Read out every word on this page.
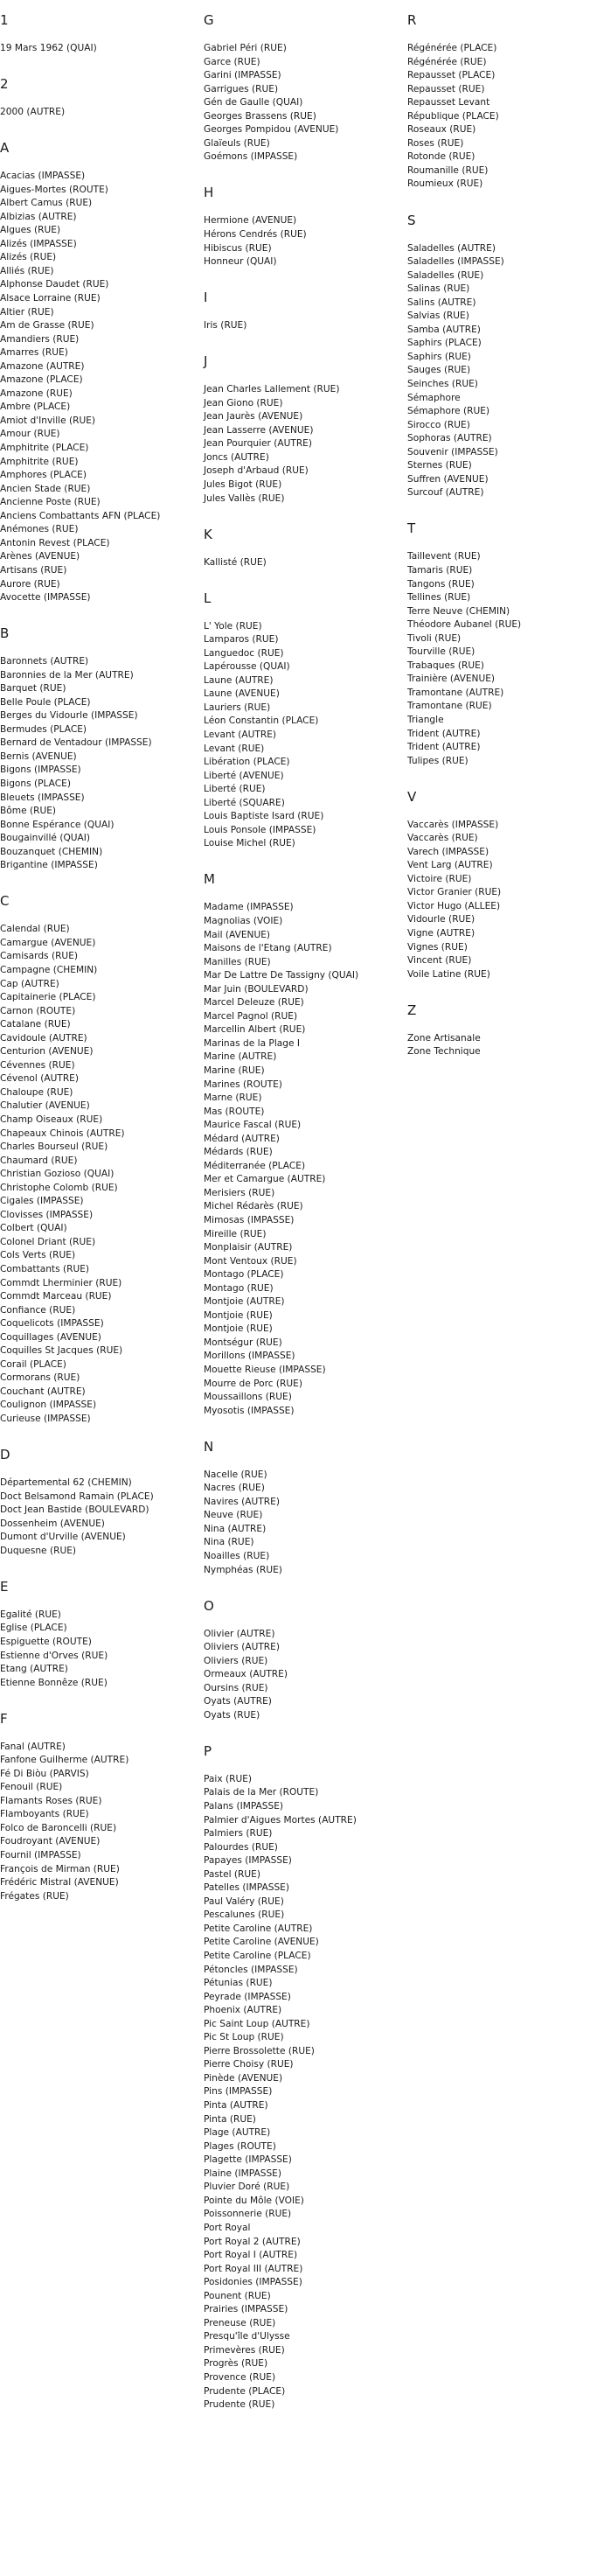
1
19 Mars 1962 (QUAI)
2
2000 (AUTRE)
A
Acacias (IMPASSE)
Aigues-Mortes (ROUTE)
Albert Camus (RUE)
Albizias (AUTRE)
Algues (RUE)
Alizés (IMPASSE)
Alizés (RUE)
Alliés (RUE)
Alphonse Daudet (RUE)
Alsace Lorraine (RUE)
Altier (RUE)
Am de Grasse (RUE)
Amandiers (RUE)
Amarres (RUE)
Amazone (AUTRE)
Amazone (PLACE)
Amazone (RUE)
Ambre (PLACE)
Amiot d'Inville (RUE)
Amour (RUE)
Amphitrite (PLACE)
Amphitrite (RUE)
Amphores (PLACE)
Ancien Stade (RUE)
Ancienne Poste (RUE)
Anciens Combattants AFN (PLACE)
Anémones (RUE)
Antonin Revest (PLACE)
Arènes (AVENUE)
Artisans (RUE)
Aurore (RUE)
Avocette (IMPASSE)
B
Baronnets (AUTRE)
Baronnies de la Mer (AUTRE)
Barquet (RUE)
Belle Poule (PLACE)
Berges du Vidourle (IMPASSE)
Bermudes (PLACE)
Bernard de Ventadour (IMPASSE)
Bernis (AVENUE)
Bigons (IMPASSE)
Bigons (PLACE)
Bleuets (IMPASSE)
Bôme (RUE)
Bonne Espérance (QUAI)
Bougainvillé (QUAI)
Bouzanquet (CHEMIN)
Brigantine (IMPASSE)
C
Calendal (RUE)
Camargue (AVENUE)
Camisards (RUE)
Campagne (CHEMIN)
Cap (AUTRE)
Capitainerie (PLACE)
Carnon (ROUTE)
Catalane (RUE)
Cavidoule (AUTRE)
Centurion (AVENUE)
Cévennes (RUE)
Cévenol (AUTRE)
Chaloupe (RUE)
Chalutier (AVENUE)
Champ Oiseaux (RUE)
Chapeaux Chinois (AUTRE)
Charles Bourseul (RUE)
Chaumard (RUE)
Christian Gozioso (QUAI)
Christophe Colomb (RUE)
Cigales (IMPASSE)
Clovisses (IMPASSE)
Colbert (QUAI)
Colonel Driant (RUE)
Cols Verts (RUE)
Combattants (RUE)
Commdt Lherminier (RUE)
Commdt Marceau (RUE)
Confiance (RUE)
Coquelicots (IMPASSE)
Coquillages (AVENUE)
Coquilles St Jacques (RUE)
Corail (PLACE)
Cormorans (RUE)
Couchant (AUTRE)
Coulignon (IMPASSE)
Curieuse (IMPASSE)
D
Départemental 62 (CHEMIN)
Doct Belsamond Ramain (PLACE)
Doct Jean Bastide (BOULEVARD)
Dossenheim (AVENUE)
Dumont d'Urville (AVENUE)
Duquesne (RUE)
E
Egalité (RUE)
Eglise (PLACE)
Espiguette (ROUTE)
Estienne d'Orves (RUE)
Etang (AUTRE)
Etienne Bonnêze (RUE)
F
Fanal (AUTRE)
Fanfone Guilherme (AUTRE)
Fé Di Biòu (PARVIS)
Fenouil (RUE)
Flamants Roses (RUE)
Flamboyants (RUE)
Folco de Baroncelli (RUE)
Foudroyant (AVENUE)
Fournil (IMPASSE)
François de Mirman (RUE)
Frédéric Mistral (AVENUE)
Frégates (RUE)
G
Gabriel Péri (RUE)
Garce (RUE)
Garini (IMPASSE)
Garrigues (RUE)
Gén de Gaulle (QUAI)
Georges Brassens (RUE)
Georges Pompidou (AVENUE)
Glaïeuls (RUE)
Goémons (IMPASSE)
H
Hermione (AVENUE)
Hérons Cendrés (RUE)
Hibiscus (RUE)
Honneur (QUAI)
I
Iris (RUE)
J
Jean Charles Lallement (RUE)
Jean Giono (RUE)
Jean Jaurès (AVENUE)
Jean Lasserre (AVENUE)
Jean Pourquier (AUTRE)
Joncs (AUTRE)
Joseph d'Arbaud (RUE)
Jules Bigot (RUE)
Jules Vallès (RUE)
K
Kallisté (RUE)
L
L' Yole (RUE)
Lamparos (RUE)
Languedoc (RUE)
Lapérousse (QUAI)
Laune (AUTRE)
Laune (AVENUE)
Lauriers (RUE)
Léon Constantin (PLACE)
Levant (AUTRE)
Levant (RUE)
Libération (PLACE)
Liberté (AVENUE)
Liberté (RUE)
Liberté (SQUARE)
Louis Baptiste Isard (RUE)
Louis Ponsole (IMPASSE)
Louise Michel (RUE)
M
Madame (IMPASSE)
Magnolias (VOIE)
Mail (AVENUE)
Maisons de l'Etang (AUTRE)
Manilles (RUE)
Mar De Lattre De Tassigny (QUAI)
Mar Juin (BOULEVARD)
Marcel Deleuze (RUE)
Marcel Pagnol (RUE)
Marcellin Albert (RUE)
Marinas de la Plage I
Marine (AUTRE)
Marine (RUE)
Marines (ROUTE)
Marne (RUE)
Mas (ROUTE)
Maurice Fascal (RUE)
Médard (AUTRE)
Médards (RUE)
Méditerranée (PLACE)
Mer et Camargue (AUTRE)
Merisiers (RUE)
Michel Rédarès (RUE)
Mimosas (IMPASSE)
Mireille (RUE)
Monplaisir (AUTRE)
Mont Ventoux (RUE)
Montago (PLACE)
Montago (RUE)
Montjoie (AUTRE)
Montjoie (RUE)
Montjoie (RUE)
Montségur (RUE)
Morillons (IMPASSE)
Mouette Rieuse (IMPASSE)
Mourre de Porc (RUE)
Moussaillons (RUE)
Myosotis (IMPASSE)
N
Nacelle (RUE)
Nacres (RUE)
Navires (AUTRE)
Neuve (RUE)
Nina (AUTRE)
Nina (RUE)
Noailles (RUE)
Nymphéas (RUE)
O
Olivier (AUTRE)
Oliviers (AUTRE)
Oliviers (RUE)
Ormeaux (AUTRE)
Oursins (RUE)
Oyats (AUTRE)
Oyats (RUE)
P
Paix (RUE)
Palais de la Mer (ROUTE)
Palans (IMPASSE)
Palmier d'Aigues Mortes (AUTRE)
Palmiers (RUE)
Palourdes (RUE)
Papayes (IMPASSE)
Pastel (RUE)
Patelles (IMPASSE)
Paul Valéry (RUE)
Pescalunes (RUE)
Petite Caroline (AUTRE)
Petite Caroline (AVENUE)
Petite Caroline (PLACE)
Pétoncles (IMPASSE)
Pétunias (RUE)
Peyrade (IMPASSE)
Phoenix (AUTRE)
Pic Saint Loup (AUTRE)
Pic St Loup (RUE)
Pierre Brossolette (RUE)
Pierre Choisy (RUE)
Pinède (AVENUE)
Pins (IMPASSE)
Pinta (AUTRE)
Pinta (RUE)
Plage (AUTRE)
Plages (ROUTE)
Plagette (IMPASSE)
Plaine (IMPASSE)
Pluvier Doré (RUE)
Pointe du Môle (VOIE)
Poissonnerie (RUE)
Port Royal
Port Royal 2 (AUTRE)
Port Royal I (AUTRE)
Port Royal III (AUTRE)
Posidonies (IMPASSE)
Pounent (RUE)
Prairies (IMPASSE)
Preneuse (RUE)
Presqu'île d'Ulysse
Primevères (RUE)
Progrès (RUE)
Provence (RUE)
Prudente (PLACE)
Prudente (RUE)
R
Régénérée (PLACE)
Régénérée (RUE)
Repausset (PLACE)
Repausset (RUE)
Repausset Levant
République (PLACE)
Roseaux (RUE)
Roses (RUE)
Rotonde (RUE)
Roumanille (RUE)
Roumieux (RUE)
S
Saladelles (AUTRE)
Saladelles (IMPASSE)
Saladelles (RUE)
Salinas (RUE)
Salins (AUTRE)
Salvias (RUE)
Samba (AUTRE)
Saphirs (PLACE)
Saphirs (RUE)
Sauges (RUE)
Seinches (RUE)
Sémaphore
Sémaphore (RUE)
Sirocco (RUE)
Sophoras (AUTRE)
Souvenir (IMPASSE)
Sternes (RUE)
Suffren (AVENUE)
Surcouf (AUTRE)
T
Taillevent (RUE)
Tamaris (RUE)
Tangons (RUE)
Tellines (RUE)
Terre Neuve (CHEMIN)
Théodore Aubanel (RUE)
Tivoli (RUE)
Tourville (RUE)
Trabaques (RUE)
Trainière (AVENUE)
Tramontane (AUTRE)
Tramontane (RUE)
Triangle
Trident (AUTRE)
Trident (AUTRE)
Tulipes (RUE)
V
Vaccarès (IMPASSE)
Vaccarès (RUE)
Varech (IMPASSE)
Vent Larg (AUTRE)
Victoire (RUE)
Victor Granier (RUE)
Victor Hugo (ALLEE)
Vidourle (RUE)
Vigne (AUTRE)
Vignes (RUE)
Vincent (RUE)
Voile Latine (RUE)
Z
Zone Artisanale
Zone Technique
